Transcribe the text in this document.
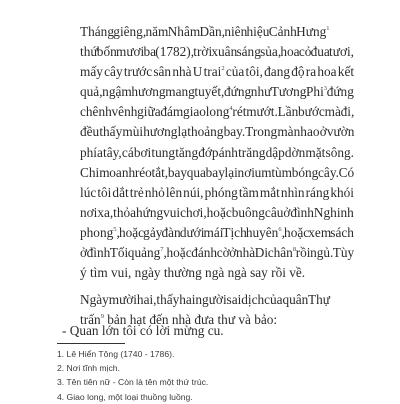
Tháng giêng, năm Nhâm Dần, niên hiệu Cảnh Hưng$^1$
thứ bốn mươi ba (1782), trời xuân sáng sủa, hoa cỏ đua tươi,
mấy cây trước sân nhà U trai$^2$ của tôi, đang độ ra hoa kết
quả, ngậm hương mang tuyết, đứng như Tương Phi$^3$ đứng
chênh vênh giữa đám giao long$^4$ rét mướt. Lần bước mà đi,
đều thấy mùi hương lạ thoảng bay. Trong mành ao ở vườn
phía tây, cá bơi tung tăng đớp ánh trăng dập dờn mặt sông.
Chim oanh réo tắt, bay qua bay lại nơi um tùm bóng cây. Có
lúc tôi dắt trẻ nhỏ lên núi, phóng tầm mắt nhìn ráng khói
nơi xa, thỏa hứng vui chơi, hoặc buông câu ở đình Nghinh
phong$^5$, hoặc gảy đàn dưới mái Tịch huyên$^6$, hoặc xem sách
ở đình Tối quảng$^7$, hoặc đánh cờ ở nhà Di chân$^8$ rồi ngủ. Tùy
ý tìm vui, ngày thường ngà ngà say rồi về.

Ngày mười hai, thấy hai người sai dịch của quân Thự
trấn$^9$ bản hạt đến nhà đưa thư và bảo:

- Quan lớn tôi có lời mừng cu.
1. Lê Hiển Tông (1740 - 1786).
2. Nơi tĩnh mịch.
3. Tên tiên nữ - Còn là tên một thứ trúc.
4. Giao long, một loại thuồng luồng.
